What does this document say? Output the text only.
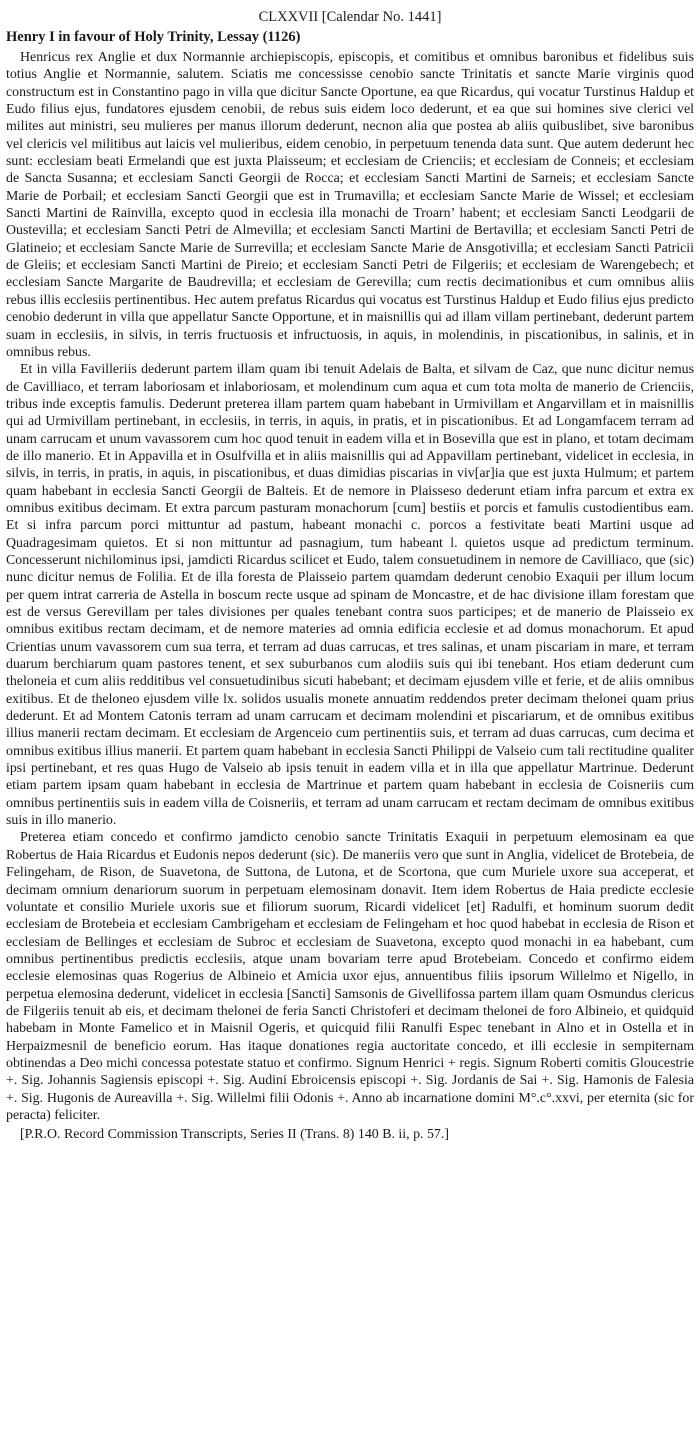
CLXXVII [Calendar No. 1441]
Henry I in favour of Holy Trinity, Lessay (1126)

Henricus rex Anglie et dux Normannie archiepiscopis, episcopis, et comitibus et omnibus baronibus et fidelibus suis totius Anglie et Normannie, salutem. Sciatis me concessisse cenobio sancte Trinitatis et sancte Marie virginis quod constructum est in Constantino pago in villa que dicitur Sancte Oportune, ea que Ricardus, qui vocatur Turstinus Haldup et Eudo filius ejus, fundatores ejusdem cenobii, de rebus suis eidem loco dederunt, et ea que sui homines sive clerici vel milites aut ministri, seu mulieres per manus illorum dederunt, necnon alia que postea ab aliis quibuslibet, sive baronibus vel clericis vel militibus aut laicis vel mulieribus, eidem cenobio, in perpetuum tenenda data sunt. Que autem dederunt hec sunt: ecclesiam beati Ermelandi que est juxta Plaisseum; et ecclesiam de Crienciis; et ecclesiam de Conneis; et ecclesiam de Sancta Susanna; et ecclesiam Sancti Georgii de Rocca; et ecclesiam Sancti Martini de Sarneis; et ecclesiam Sancte Marie de Porbail; et ecclesiam Sancti Georgii que est in Trumavilla; et ecclesiam Sancte Marie de Wissel; et ecclesiam Sancti Martini de Rainvilla, excepto quod in ecclesia illa monachi de Troarn’ habent; et ecclesiam Sancti Leodgarii de Oustevilla; et ecclesiam Sancti Petri de Almevilla; et ecclesiam Sancti Martini de Bertavilla; et ecclesiam Sancti Petri de Glatineio; et ecclesiam Sancte Marie de Surrevilla; et ecclesiam Sancte Marie de Ansgotivilla; et ecclesiam Sancti Patricii de Gleiis; et ecclesiam Sancti Martini de Pireio; et ecclesiam Sancti Petri de Filgeriis; et ecclesiam de Warengebech; et ecclesiam Sancte Margarite de Baudrevilla; et ecclesiam de Gerevilla; cum rectis decimationibus et cum omnibus aliis rebus illis ecclesiis pertinentibus. Hec autem prefatus Ricardus qui vocatus est Turstinus Haldup et Eudo filius ejus predicto cenobio dederunt in villa que appellatur Sancte Opportune, et in maisnillis qui ad illam villam pertinebant, dederunt partem suam in ecclesiis, in silvis, in terris fructuosis et infructuosis, in aquis, in molendinis, in piscationibus, in salinis, et in omnibus rebus.

Et in villa Favilleriis dederunt partem illam quam ibi tenuit Adelais de Balta, et silvam de Caz, que nunc dicitur nemus de Cavilliaco, et terram laboriosam et inlaboriosam, et molendinum cum aqua et cum tota molta de manerio de Crienciis, tribus inde exceptis famulis. Dederunt preterea illam partem quam habebant in Urmivillam et Angarvillam et in maisnillis qui ad Urmivillam pertinebant, in ecclesiis, in terris, in aquis, in pratis, et in piscationibus. Et ad Longamfacem terram ad unam carrucam et unum vavassorem cum hoc quod tenuit in eadem villa et in Bosevilla que est in plano, et totam decimam de illo manerio. Et in Appavilla et in Osulfvilla et in aliis maisnillis qui ad Appavillam pertinebant, videlicet in ecclesia, in silvis, in terris, in pratis, in aquis, in piscationibus, et duas dimidias piscarias in viv[ar]ia que est juxta Hulmum; et partem quam habebant in ecclesia Sancti Georgii de Balteis. Et de nemore in Plaisseso dederunt etiam infra parcum et extra ex omnibus exitibus decimam. Et extra parcum pasturam monachorum [cum] bestiis et porcis et famulis custodientibus eam. Et si infra parcum porci mittuntur ad pastum, habeant monachi c. porcos a festivitate beati Martini usque ad Quadragesimam quietos. Et si non mittuntur ad pasnagium, tum habeant l. quietos usque ad predictum terminum. Concesserunt nichilominus ipsi, jamdicti Ricardus scilicet et Eudo, talem consuetudinem in nemore de Cavilliaco, que (sic) nunc dicitur nemus de Folilia. Et de illa foresta de Plaisseio partem quamdam dederunt cenobio Exaquii per illum locum per quem intrat carreria de Astella in boscum recte usque ad spinam de Moncastre, et de hac divisione illam forestam que est de versus Gerevillam per tales divisiones per quales tenebant contra suos participes; et de manerio de Plaisseio ex omnibus exitibus rectam decimam, et de nemore materies ad omnia edificia ecclesie et ad domus monachorum. Et apud Crientias unum vavassorem cum sua terra, et terram ad duas carrucas, et tres salinas, et unam piscariam in mare, et terram duarum berchiarum quam pastores tenent, et sex suburbanos cum alodiis suis qui ibi tenebant. Hos etiam dederunt cum theloneia et cum aliis redditibus vel consuetudinibus sicuti habebant; et decimam ejusdem ville et ferie, et de aliis omnibus exitibus. Et de theloneo ejusdem ville lx. solidos usualis monete annuatim reddendos preter decimam thelonei quam prius dederunt. Et ad Montem Catonis terram ad unam carrucam et decimam molendini et piscariarum, et de omnibus exitibus illius manerii rectam decimam. Et ecclesiam de Argenceio cum pertinentiis suis, et terram ad duas carrucas, cum decima et omnibus exitibus illius manerii. Et partem quam habebant in ecclesia Sancti Philippi de Valseio cum tali rectitudine qualiter ipsi pertinebant, et res quas Hugo de Valseio ab ipsis tenuit in eadem villa et in illa que appellatur Martrinue. Dederunt etiam partem ipsam quam habebant in ecclesia de Martrinue et partem quam habebant in ecclesia de Coisneriis cum omnibus pertinentiis suis in eadem villa de Coisneriis, et terram ad unam carrucam et rectam decimam de omnibus exitibus suis in illo manerio.

Preterea etiam concedo et confirmo jamdicto cenobio sancte Trinitatis Exaquii in perpetuum elemosinam ea que Robertus de Haia Ricardus et Eudonis nepos dederunt (sic). De maneriis vero que sunt in Anglia, videlicet de Brotebeia, de Felingeham, de Rison, de Suavetona, de Suttona, de Lutona, et de Scortona, que cum Muriele uxore sua acceperat, et decimam omnium denariorum suorum in perpetuam elemosinam donavit. Item idem Robertus de Haia predicte ecclesie voluntate et consilio Muriele uxoris sue et filiorum suorum, Ricardi videlicet [et] Radulfi, et hominum suorum dedit ecclesiam de Brotebeia et ecclesiam Cambrigeham et ecclesiam de Felingeham et hoc quod habebat in ecclesia de Rison et ecclesiam de Bellinges et ecclesiam de Subroc et ecclesiam de Suavetona, excepto quod monachi in ea habebant, cum omnibus pertinentibus predictis ecclesiis, atque unam bovariam terre apud Brotebeiam. Concedo et confirmo eidem ecclesie elemosinas quas Rogerius de Albineio et Amicia uxor ejus, annuentibus filiis ipsorum Willelmo et Nigello, in perpetua elemosina dederunt, videlicet in ecclesia [Sancti] Samsonis de Givellifossa partem illam quam Osmundus clericus de Filgeriis tenuit ab eis, et decimam thelonei de feria Sancti Christoferi et decimam thelonei de foro Albineio, et quidquid habebam in Monte Famelico et in Maisnil Ogeris, et quicquid filii Ranulfi Espec tenebant in Alno et in Ostella et in Herpaizmesnil de beneficio eorum. Has itaque donationes regia auctoritate concedo, et illi ecclesie in sempiternam obtinendas a Deo michi concessa potestate statuo et confirmo. Signum Henrici + regis. Signum Roberti comitis Gloucestrie +. Sig. Johannis Sagiensis episcopi +. Sig. Audini Ebroicensis episcopi +. Sig. Jordanis de Sai +. Sig. Hamonis de Falesia +. Sig. Hugonis de Aureavilla +. Sig. Willelmi filii Odonis +. Anno ab incarnatione domini M°.c°.xxvi, per eternita (sic for peracta) feliciter.

[P.R.O. Record Commission Transcripts, Series II (Trans. 8) 140 B. ii, p. 57.]
